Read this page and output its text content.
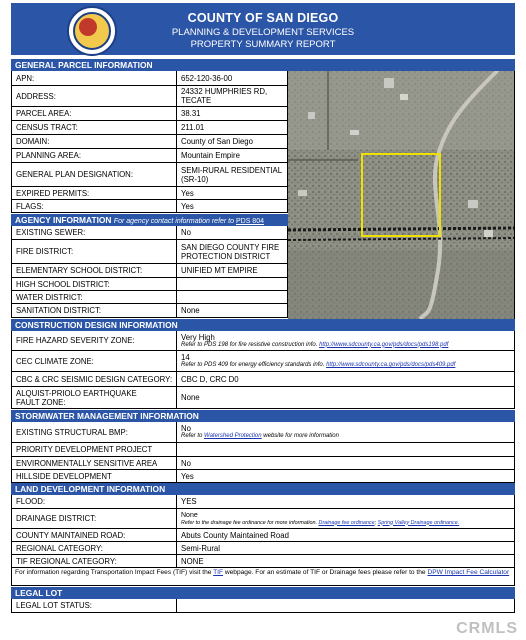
COUNTY OF SAN DIEGO
PLANNING & DEVELOPMENT SERVICES
PROPERTY SUMMARY REPORT
GENERAL PARCEL INFORMATION
APN:	652-120-36-00
ADDRESS:	24332 HUMPHRIES RD,
TECATE
PARCEL AREA:	38.31
CENSUS TRACT:	211.01
DOMAIN:	County of San Diego
PLANNING AREA:	Mountain Empire
GENERAL PLAN DESIGNATION:	SEMI-RURAL RESIDENTIAL
(SR-10)
EXPIRED PERMITS:	Yes
FLAGS:	Yes
AGENCY INFORMATION For agency contact information refer to PDS 804
EXISTING SEWER:	No
FIRE DISTRICT:	SAN DIEGO COUNTY FIRE
PROTECTION DISTRICT
ELEMENTARY SCHOOL DISTRICT:	UNIFIED MT EMPIRE
HIGH SCHOOL DISTRICT:
WATER DISTRICT:
SANITATION DISTRICT:	None
CONSTRUCTION DESIGN INFORMATION
FIRE HAZARD SEVERITY ZONE:	Very High
Refer to PDS 198 for fire resistive construction info. http://www.sdcounty.ca.gov/pds/docs/pds198.pdf
CEC CLIMATE ZONE:	14
Refer to PDS 409 for energy efficiency standards info. http://www.sdcounty.ca.gov/pds/docs/pds409.pdf
CBC & CRC SEISMIC DESIGN CATEGORY:	CBC D, CRC D0
ALQUIST-PRIOLO EARTHQUAKE
FAULT ZONE:	None
STORMWATER MANAGEMENT INFORMATION
EXISTING STRUCTURAL BMP:	No
Refer to Watershed Protection website for more information
PRIORITY DEVELOPMENT PROJECT
ENVIRONMENTALLY SENSITIVE AREA	No
HILLSIDE DEVELOPMENT	Yes
LAND DEVELOPMENT INFORMATION
FLOOD:	YES
DRAINAGE DISTRICT:	None
Refer to the drainage fee ordinance for more information. Drainage fee ordinance; Spring Valley Drainage ordinance.
COUNTY MAINTAINED ROAD:	Abuts County Maintained Road
REGIONAL CATEGORY:	Semi-Rural
TIF REGIONAL CATEGORY:	NONE
For information regarding Transportation Impact Fees (TIF) visit the TIF webpage. For an estimate of TIF or Drainage fees please refer to the DPW Impact Fee Calculator
LEGAL LOT
LEGAL LOT STATUS:
CRMLS
